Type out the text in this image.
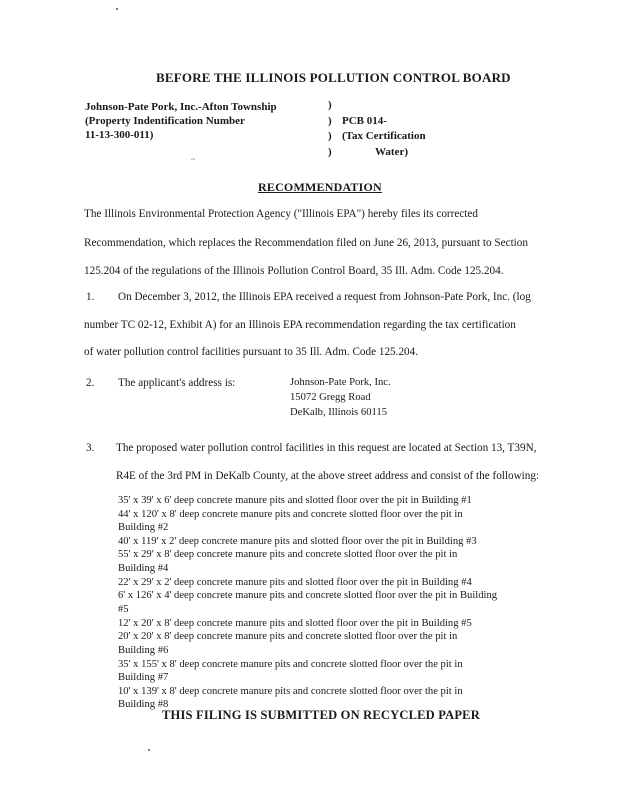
BEFORE THE ILLINOIS POLLUTION CONTROL BOARD
Johnson-Pate Pork, Inc.-Afton Township
(Property Indentification Number
11-13-300-011)
)
)
)
)
PCB 014-
(Tax Certification
Water)
~
RECOMMENDATION
The Illinois Environmental Protection Agency ("Illinois EPA") hereby files its corrected
Recommendation, which replaces the Recommendation filed on June 26, 2013, pursuant to Section
125.204 of the regulations of the Illinois Pollution Control Board, 35 Ill. Adm. Code 125.204.
1. On December 3, 2012, the Illinois EPA received a request from Johnson-Pate Pork, Inc. (log
number TC 02-12, Exhibit A) for an Illinois EPA recommendation regarding the tax certification
of water pollution control facilities pursuant to 35 Ill. Adm. Code 125.204.
2. The applicant's address is:	Johnson-Pate Pork, Inc.
15072 Gregg Road
DeKalb, Illinois 60115
3. The proposed water pollution control facilities in this request are located at Section 13, T39N,
R4E of the 3rd PM in DeKalb County, at the above street address and consist of the following:
35' x 39' x 6' deep concrete manure pits and slotted floor over the pit in Building #1
44' x 120' x 8' deep concrete manure pits and concrete slotted floor over the pit in
Building #2
40' x 119' x 2' deep concrete manure pits and slotted floor over the pit in Building #3
55' x 29' x 8' deep concrete manure pits and concrete slotted floor over the pit in
Building #4
22' x 29' x 2' deep concrete manure pits and slotted floor over the pit in Building #4
6' x 126' x 4' deep concrete manure pits and concrete slotted floor over the pit in Building
#5
12' x 20' x 8' deep concrete manure pits and slotted floor over the pit in Building #5
20' x 20' x 8' deep concrete manure pits and concrete slotted floor over the pit in
Building #6
35' x 155' x 8' deep concrete manure pits and concrete slotted floor over the pit in
Building #7
10' x 139' x 8' deep concrete manure pits and concrete slotted floor over the pit in
Building #8
THIS FILING IS SUBMITTED ON RECYCLED PAPER
